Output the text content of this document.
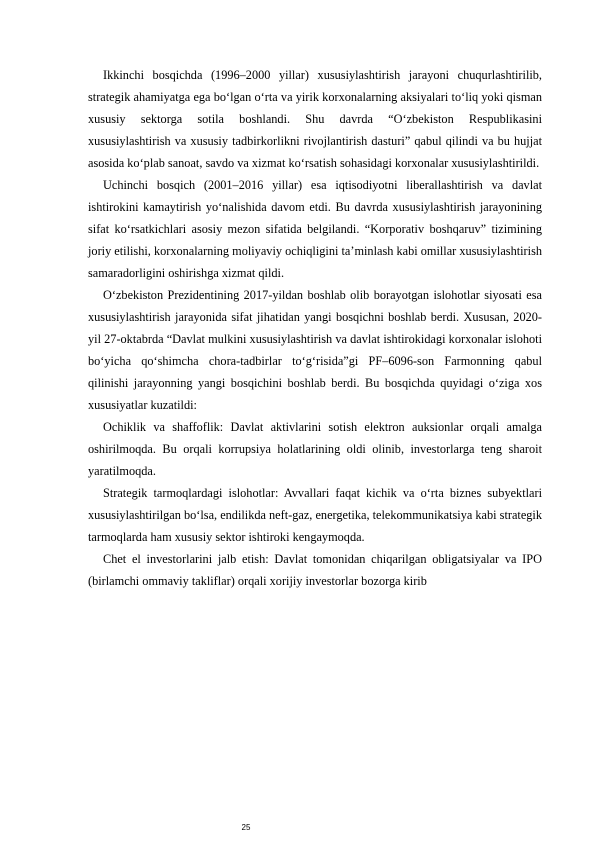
Ikkinchi bosqichda (1996–2000 yillar) xususiylashtirish jarayoni chuqurlashtirilib, strategik ahamiyatga ega bo‘lgan o‘rta va yirik korxonalarning aksiyalari to‘liq yoki qisman xususiy sektorga sotila boshlandi. Shu davrda “O‘zbekiston Respublikasini xususiylashtirish va xususiy tadbirkorlikni rivojlantirish dasturi” qabul qilindi va bu hujjat asosida ko‘plab sanoat, savdo va xizmat ko‘rsatish sohasidagi korxonalar xususiylashtirildi.

Uchinchi bosqich (2001–2016 yillar) esa iqtisodiyotni liberallashtirish va davlat ishtirokini kamaytirish yo‘nalishida davom etdi. Bu davrda xususiylashtirish jarayonining sifat ko‘rsatkichlari asosiy mezon sifatida belgilandi. “Korporativ boshqaruv” tizimining joriy etilishi, korxonalarning moliyaviy ochiqligini ta’minlash kabi omillar xususiylashtirish samaradorligini oshirishga xizmat qildi.

O‘zbekiston Prezidentining 2017-yildan boshlab olib borayotgan islohotlar siyosati esa xususiylashtirish jarayonida sifat jihatidan yangi bosqichni boshlab berdi. Xususan, 2020-yil 27-oktabrda “Davlat mulkini xususiylashtirish va davlat ishtirokidagi korxonalar islohoti bo‘yicha qo‘shimcha chora-tadbirlar to‘g‘risida”gi PF–6096-son Farmonning qabul qilinishi jarayonning yangi bosqichini boshlab berdi. Bu bosqichda quyidagi o‘ziga xos xususiyatlar kuzatildi:

Ochiklik va shaffoflik: Davlat aktivlarini sotish elektron auksionlar orqali amalga oshirilmoqda. Bu orqali korrupsiya holatlarining oldi olinib, investorlarga teng sharoit yaratilmoqda.

Strategik tarmoqlardagi islohotlar: Avvallari faqat kichik va o‘rta biznes subyektlari xususiylashtirilgan bo‘lsa, endilikda neft-gaz, energetika, telekommunikatsiya kabi strategik tarmoqlarda ham xususiy sektor ishtiroki kengaymoqda.

Chet el investorlarini jalb etish: Davlat tomonidan chiqarilgan obligatsiyalar va IPO (birlamchi ommaviy takliflar) orqali xorijiy investorlar bozorga kirib

25
